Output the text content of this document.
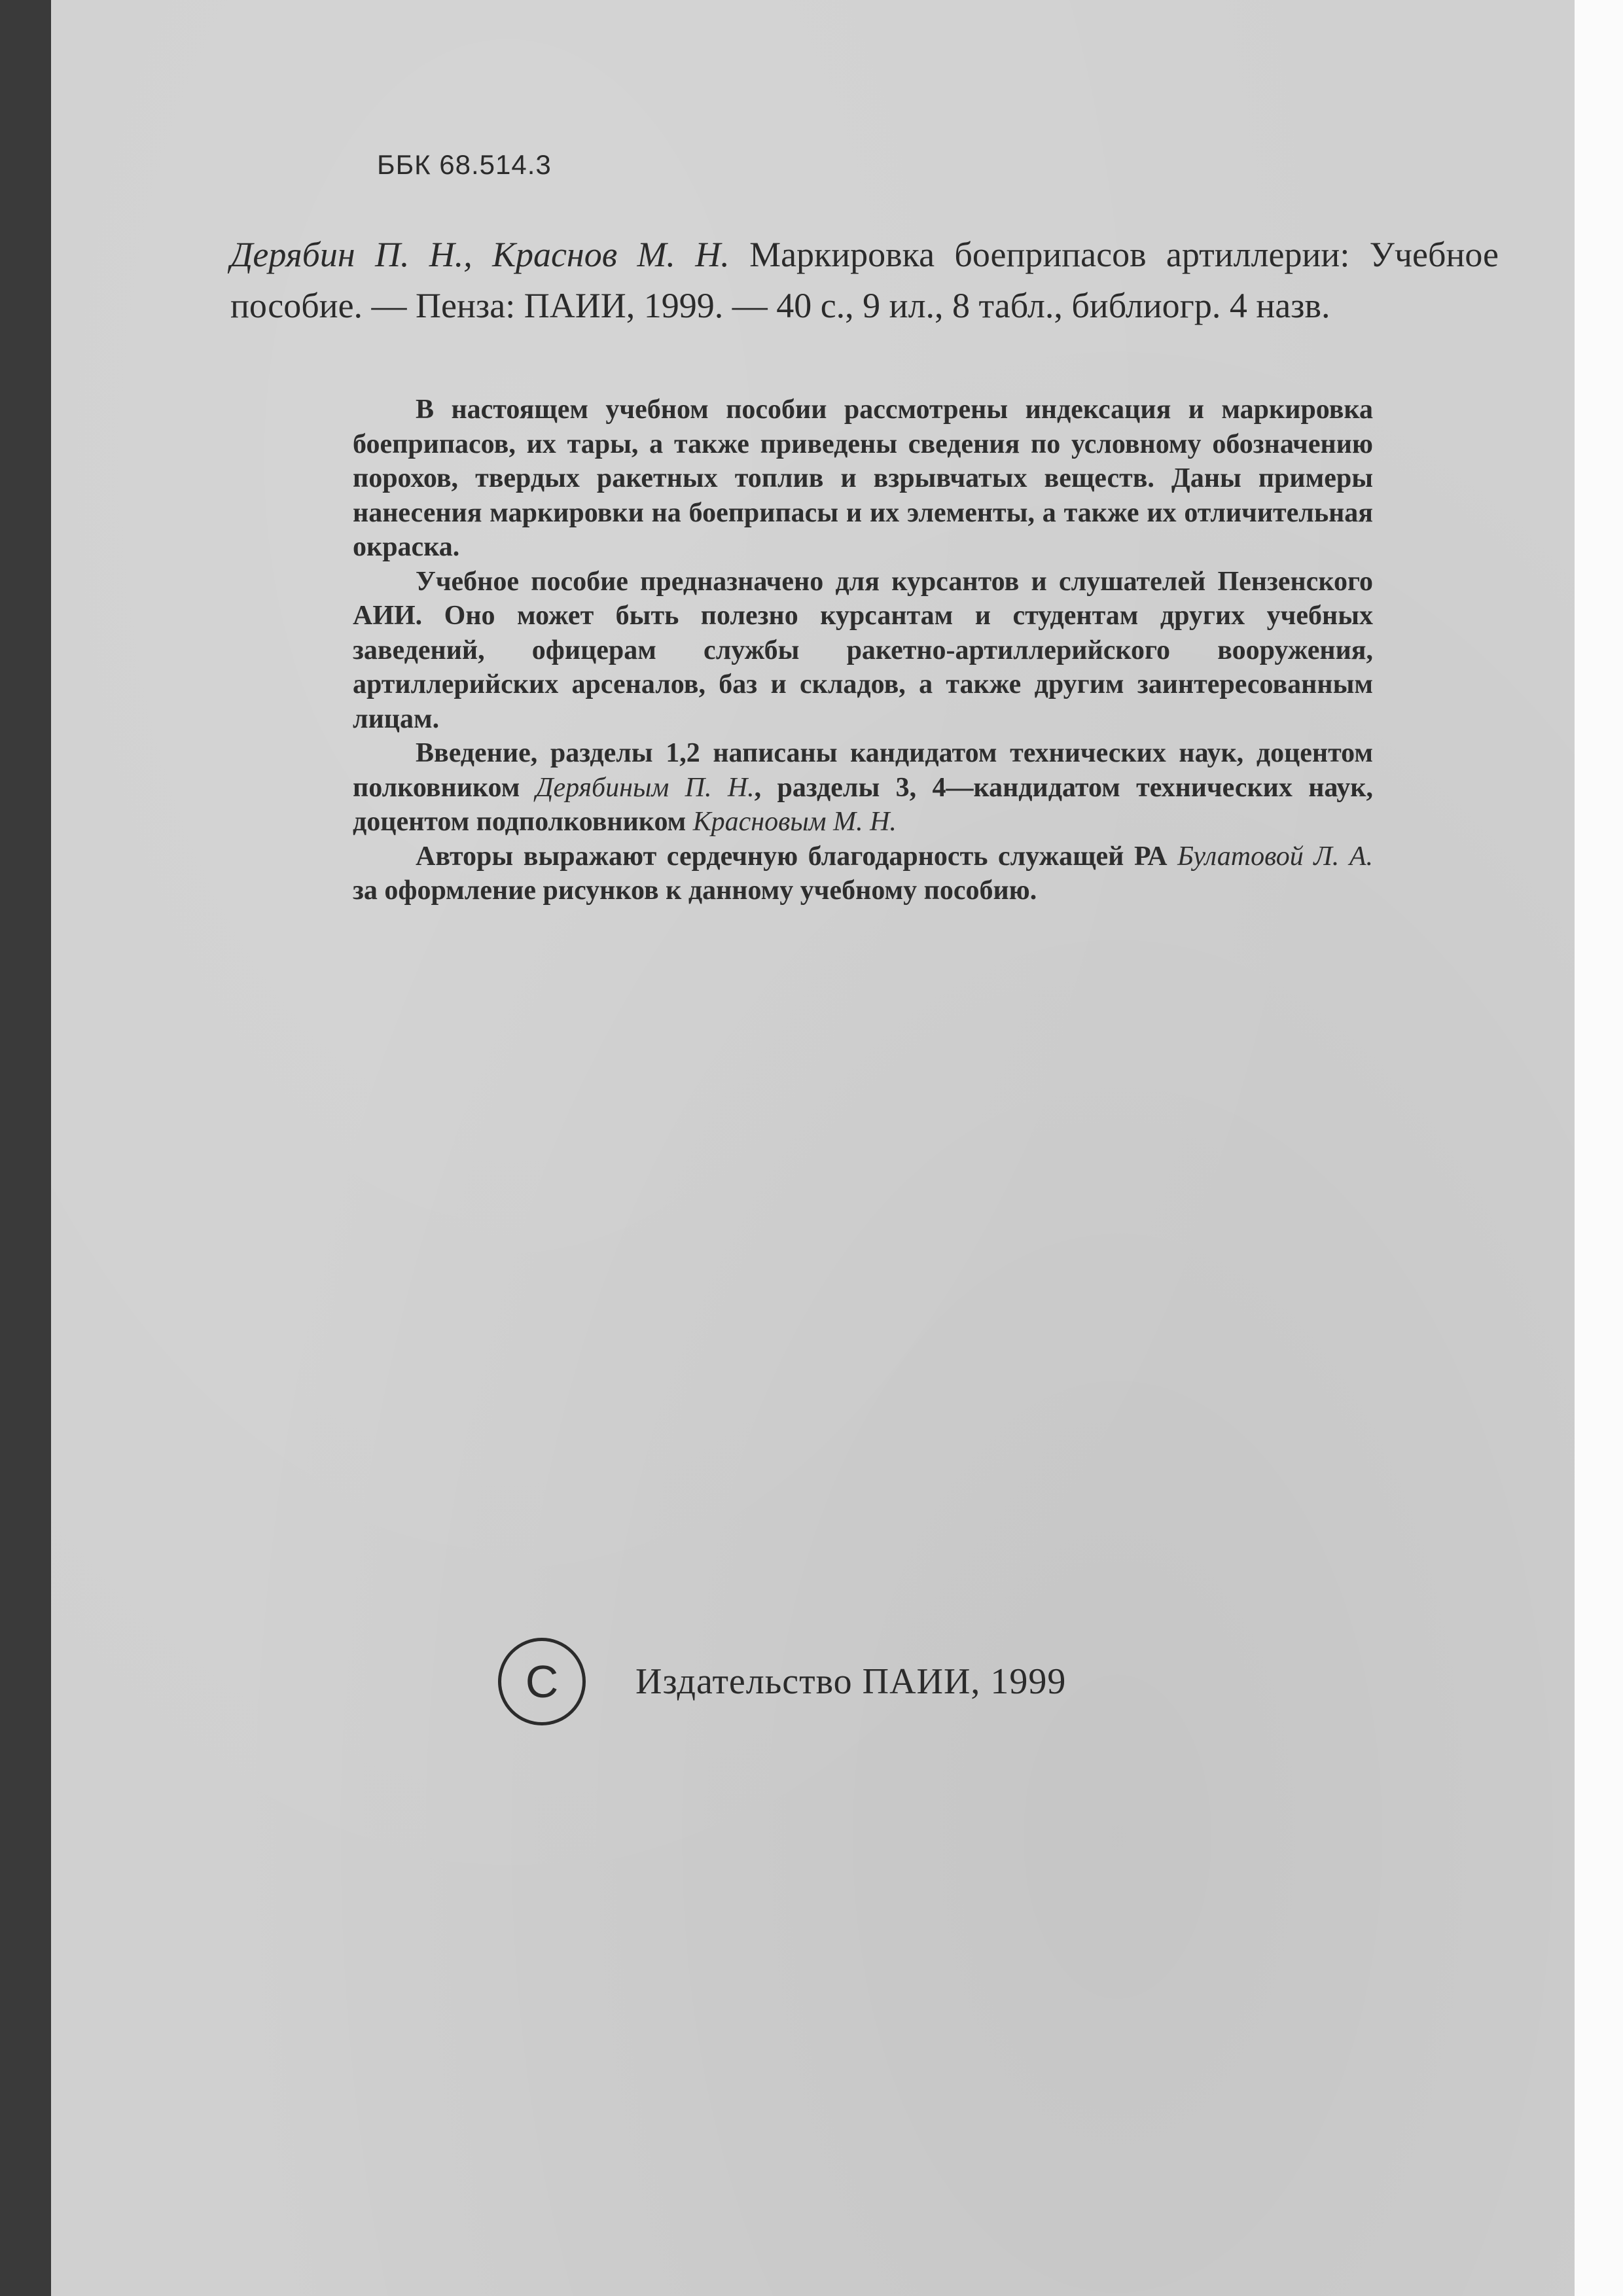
ББК 68.514.3
Дерябин П. Н., Краснов М. Н. Маркировка боеприпасов артиллерии: Учебное пособие. — Пенза: ПАИИ, 1999. — 40 с., 9 ил., 8 табл., библиогр. 4 назв.

В настоящем учебном пособии рассмотрены индексация и маркировка боеприпасов, их тары, а также приведены сведения по условному обозначению порохов, твердых ракетных топлив и взрывчатых веществ. Даны примеры нанесения маркировки на боеприпасы и их элементы, а также их отличительная окраска.

Учебное пособие предназначено для курсантов и слушателей Пензенского АИИ. Оно может быть полезно курсантам и студентам других учебных заведений, офицерам службы ракетно-артиллерийского вооружения, артиллерийских арсеналов, баз и складов, а также другим заинтересованным лицам.

Введение, разделы 1,2 написаны кандидатом технических наук, доцентом полковником Дерябиным П. Н., разделы 3, 4—кандидатом технических наук, доцентом подполковником Красновым М. Н.

Авторы выражают сердечную благодарность служащей РА Булатовой Л. А. за оформление рисунков к данному учебному пособию.

С Издательство ПАИИ, 1999
